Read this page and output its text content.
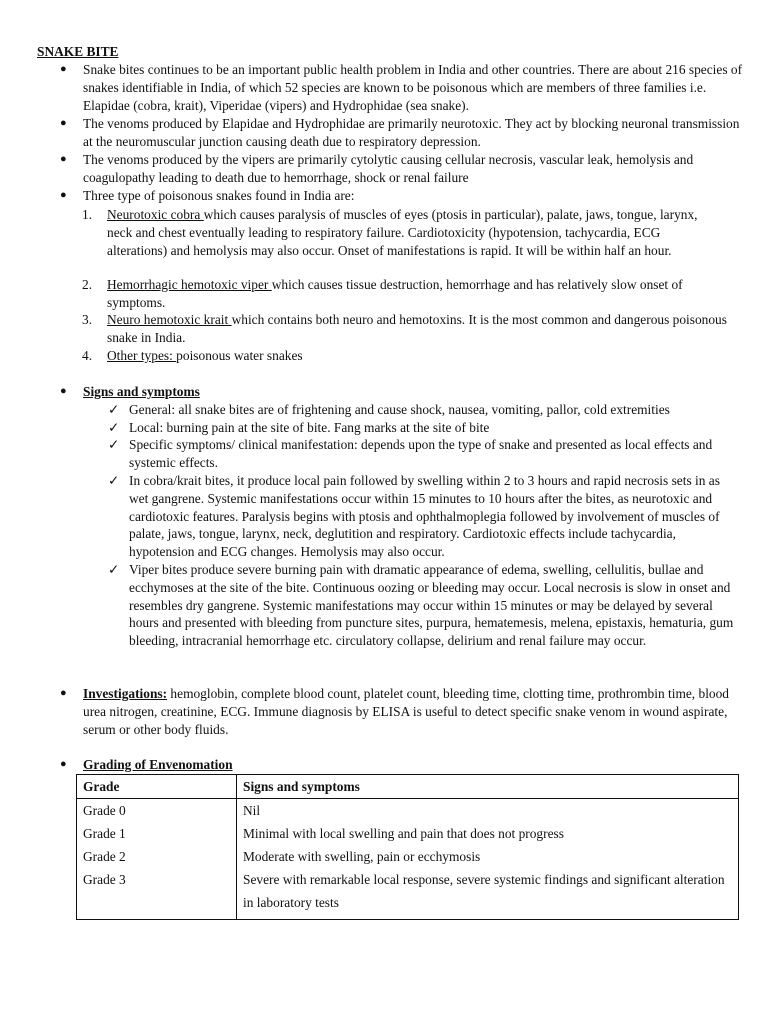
SNAKE BITE

● Snake bites continues to be an important public health problem in India and other countries. There are about 216 species of snakes identifiable in India, of which 52 species are known to be poisonous which are members of three families i.e. Elapidae (cobra, krait), Viperidae (vipers) and Hydrophidae (sea snake).

● The venoms produced by Elapidae and Hydrophidae are primarily neurotoxic. They act by blocking neuronal transmission at the neuromuscular junction causing death due to respiratory depression.

● The venoms produced by the vipers are primarily cytolytic causing cellular necrosis, vascular leak, hemolysis and coagulopathy leading to death due to hemorrhage, shock or renal failure

● Three type of poisonous snakes found in India are:

1. Neurotoxic cobra which causes paralysis of muscles of eyes (ptosis in particular), palate, jaws, tongue, larynx, neck and chest eventually leading to respiratory failure. Cardiotoxicity (hypotension, tachycardia, ECG alterations) and hemolysis may also occur. Onset of manifestations is rapid. It will be within half an hour.

2. Hemorrhagic hemotoxic viper which causes tissue destruction, hemorrhage and has relatively slow onset of symptoms.

3. Neuro hemotoxic krait which contains both neuro and hemotoxins. It is the most common and dangerous poisonous snake in India.

4. Other types: poisonous water snakes

● Signs and symptoms

✓ General: all snake bites are of frightening and cause shock, nausea, vomiting, pallor, cold extremities

✓ Local: burning pain at the site of bite. Fang marks at the site of bite

✓ Specific symptoms/ clinical manifestation: depends upon the type of snake and presented as local effects and systemic effects.

✓ In cobra/krait bites, it produce local pain followed by swelling within 2 to 3 hours and rapid necrosis sets in as wet gangrene. Systemic manifestations occur within 15 minutes to 10 hours after the bites, as neurotoxic and cardiotoxic features. Paralysis begins with ptosis and ophthalmoplegia followed by involvement of muscles of palate, jaws, tongue, larynx, neck, deglutition and respiratory. Cardiotoxic effects include tachycardia, hypotension and ECG changes. Hemolysis may also occur.

✓ Viper bites produce severe burning pain with dramatic appearance of edema, swelling, cellulitis, bullae and ecchymoses at the site of the bite. Continuous oozing or bleeding may occur. Local necrosis is slow in onset and resembles dry gangrene. Systemic manifestations may occur within 15 minutes or may be delayed by several hours and presented with bleeding from puncture sites, purpura, hematemesis, melena, epistaxis, hematuria, gum bleeding, intracranial hemorrhage etc. circulatory collapse, delirium and renal failure may occur.

● Investigations: hemoglobin, complete blood count, platelet count, bleeding time, clotting time, prothrombin time, blood urea nitrogen, creatinine, ECG. Immune diagnosis by ELISA is useful to detect specific snake venom in wound aspirate, serum or other body fluids.

● Grading of Envenomation

Grade	Signs and symptoms
Grade 0	Nil
Grade 1	Minimal with local swelling and pain that does not progress
Grade 2	Moderate with swelling, pain or ecchymosis
Grade 3	Severe with remarkable local response, severe systemic findings and significant alteration in laboratory tests
